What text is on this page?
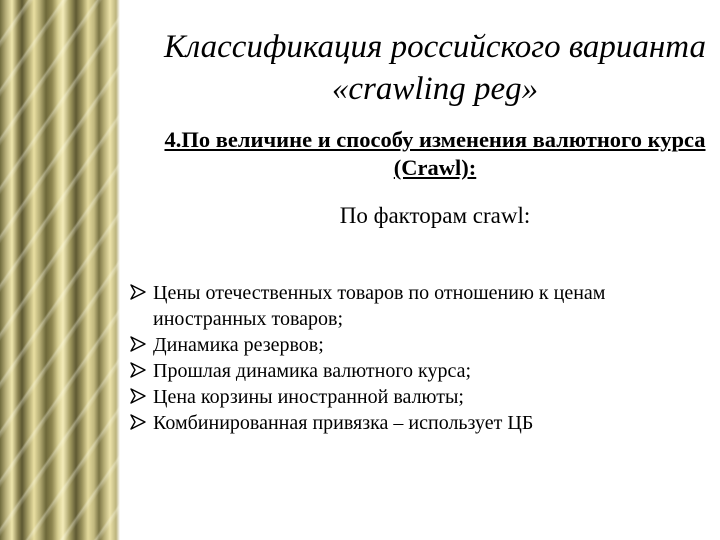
Классификация российского варианта «crawling peg»
4.По величине и способу изменения валютного курса (Crawl):
По факторам crawl:
Цены отечественных товаров по отношению к ценам иностранных товаров;
Динамика резервов;
Прошлая динамика валютного курса;
Цена корзины иностранной валюты;
Комбинированная привязка – использует ЦБ
